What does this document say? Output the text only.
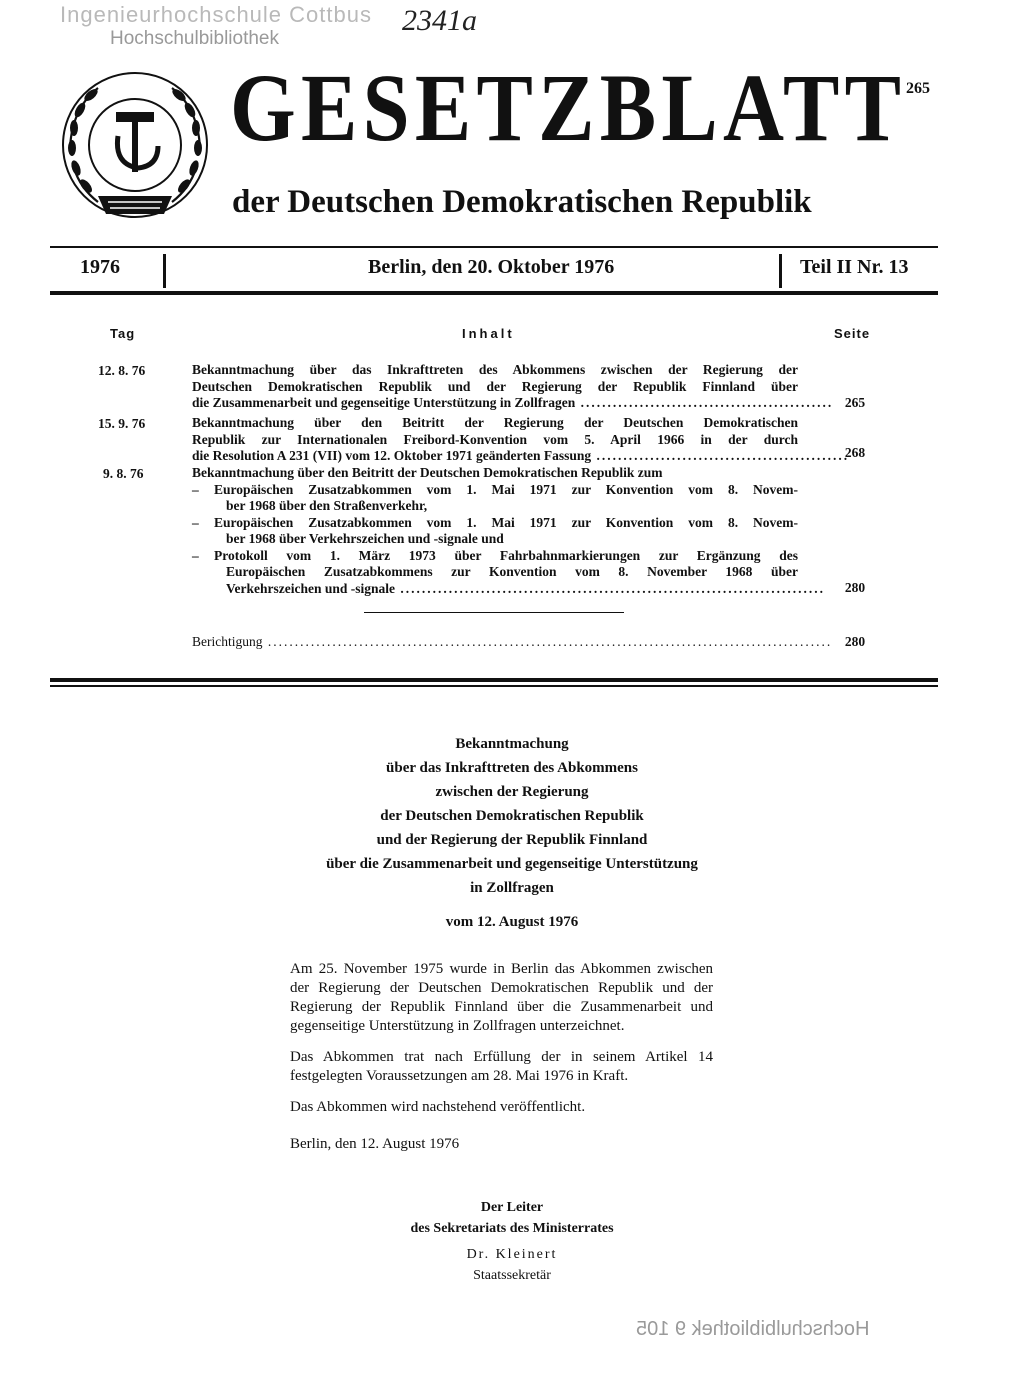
Ingenieurhochschule Cottbus
Hochschulbibliothek
2341a
265
GESETZBLATT
der Deutschen Demokratischen Republik
1976	Berlin, den 20. Oktober 1976	Teil II Nr. 13
Tag	Inhalt	Seite
12. 8. 76	Bekanntmachung über das Inkrafttreten des Abkommens zwischen der Regierung der

Deutschen Demokratischen Republik und der Regierung der Republik Finnland über

die Zusammenarbeit und gegenseitige Unterstützung in Zollfragen ............................................... 265
15. 9. 76	Bekanntmachung über den Beitritt der Regierung der Deutschen Demokratischen

Republik zur Internationalen Freibord-Konvention vom 5. April 1966 in der durch

die Resolution A 231 (VII) vom 12. Oktober 1971 geänderten Fassung ...............................................

268
9. 8. 76	Bekanntmachung über den Beitritt der Deutschen Demokratischen Republik zum

– Europäischen Zusatzabkommen vom 1. Mai 1971 zur Konvention vom 8. Novem-

ber 1968 über den Straßenverkehr,

– Europäischen Zusatzabkommen vom 1. Mai 1971 zur Konvention vom 8. Novem-

ber 1968 über Verkehrszeichen und -signale und

– Protokoll vom 1. März 1973 über Fahrbahnmarkierungen zur Ergänzung des

Europäischen Zusatzabkommens zur Konvention vom 8. November 1968 über

Verkehrszeichen und -signale ...............................................................................	280

Berichtigung ......................................................................................................... 280
Bekanntmachung
über das Inkrafttreten des Abkommens
zwischen der Regierung
der Deutschen Demokratischen Republik
und der Regierung der Republik Finnland
über die Zusammenarbeit und gegenseitige Unterstützung
in Zollfragen
vom 12. August 1976

Am 25. November 1975 wurde in Berlin das Abkommen zwischen der Regierung der Deutschen Demokratischen Republik und der Regierung der Republik Finnland über die Zusammenarbeit und gegenseitige Unterstützung in Zollfragen unterzeichnet.

Das Abkommen trat nach Erfüllung der in seinem Artikel 14 festgelegten Voraussetzungen am 28. Mai 1976 in Kraft.

Das Abkommen wird nachstehend veröffentlicht.

Berlin, den 12. August 1976

Der Leiter
des Sekretariats des Ministerrates
Dr. Kleinert
Staatssekretär
Hochschulbibliothek 9 105
